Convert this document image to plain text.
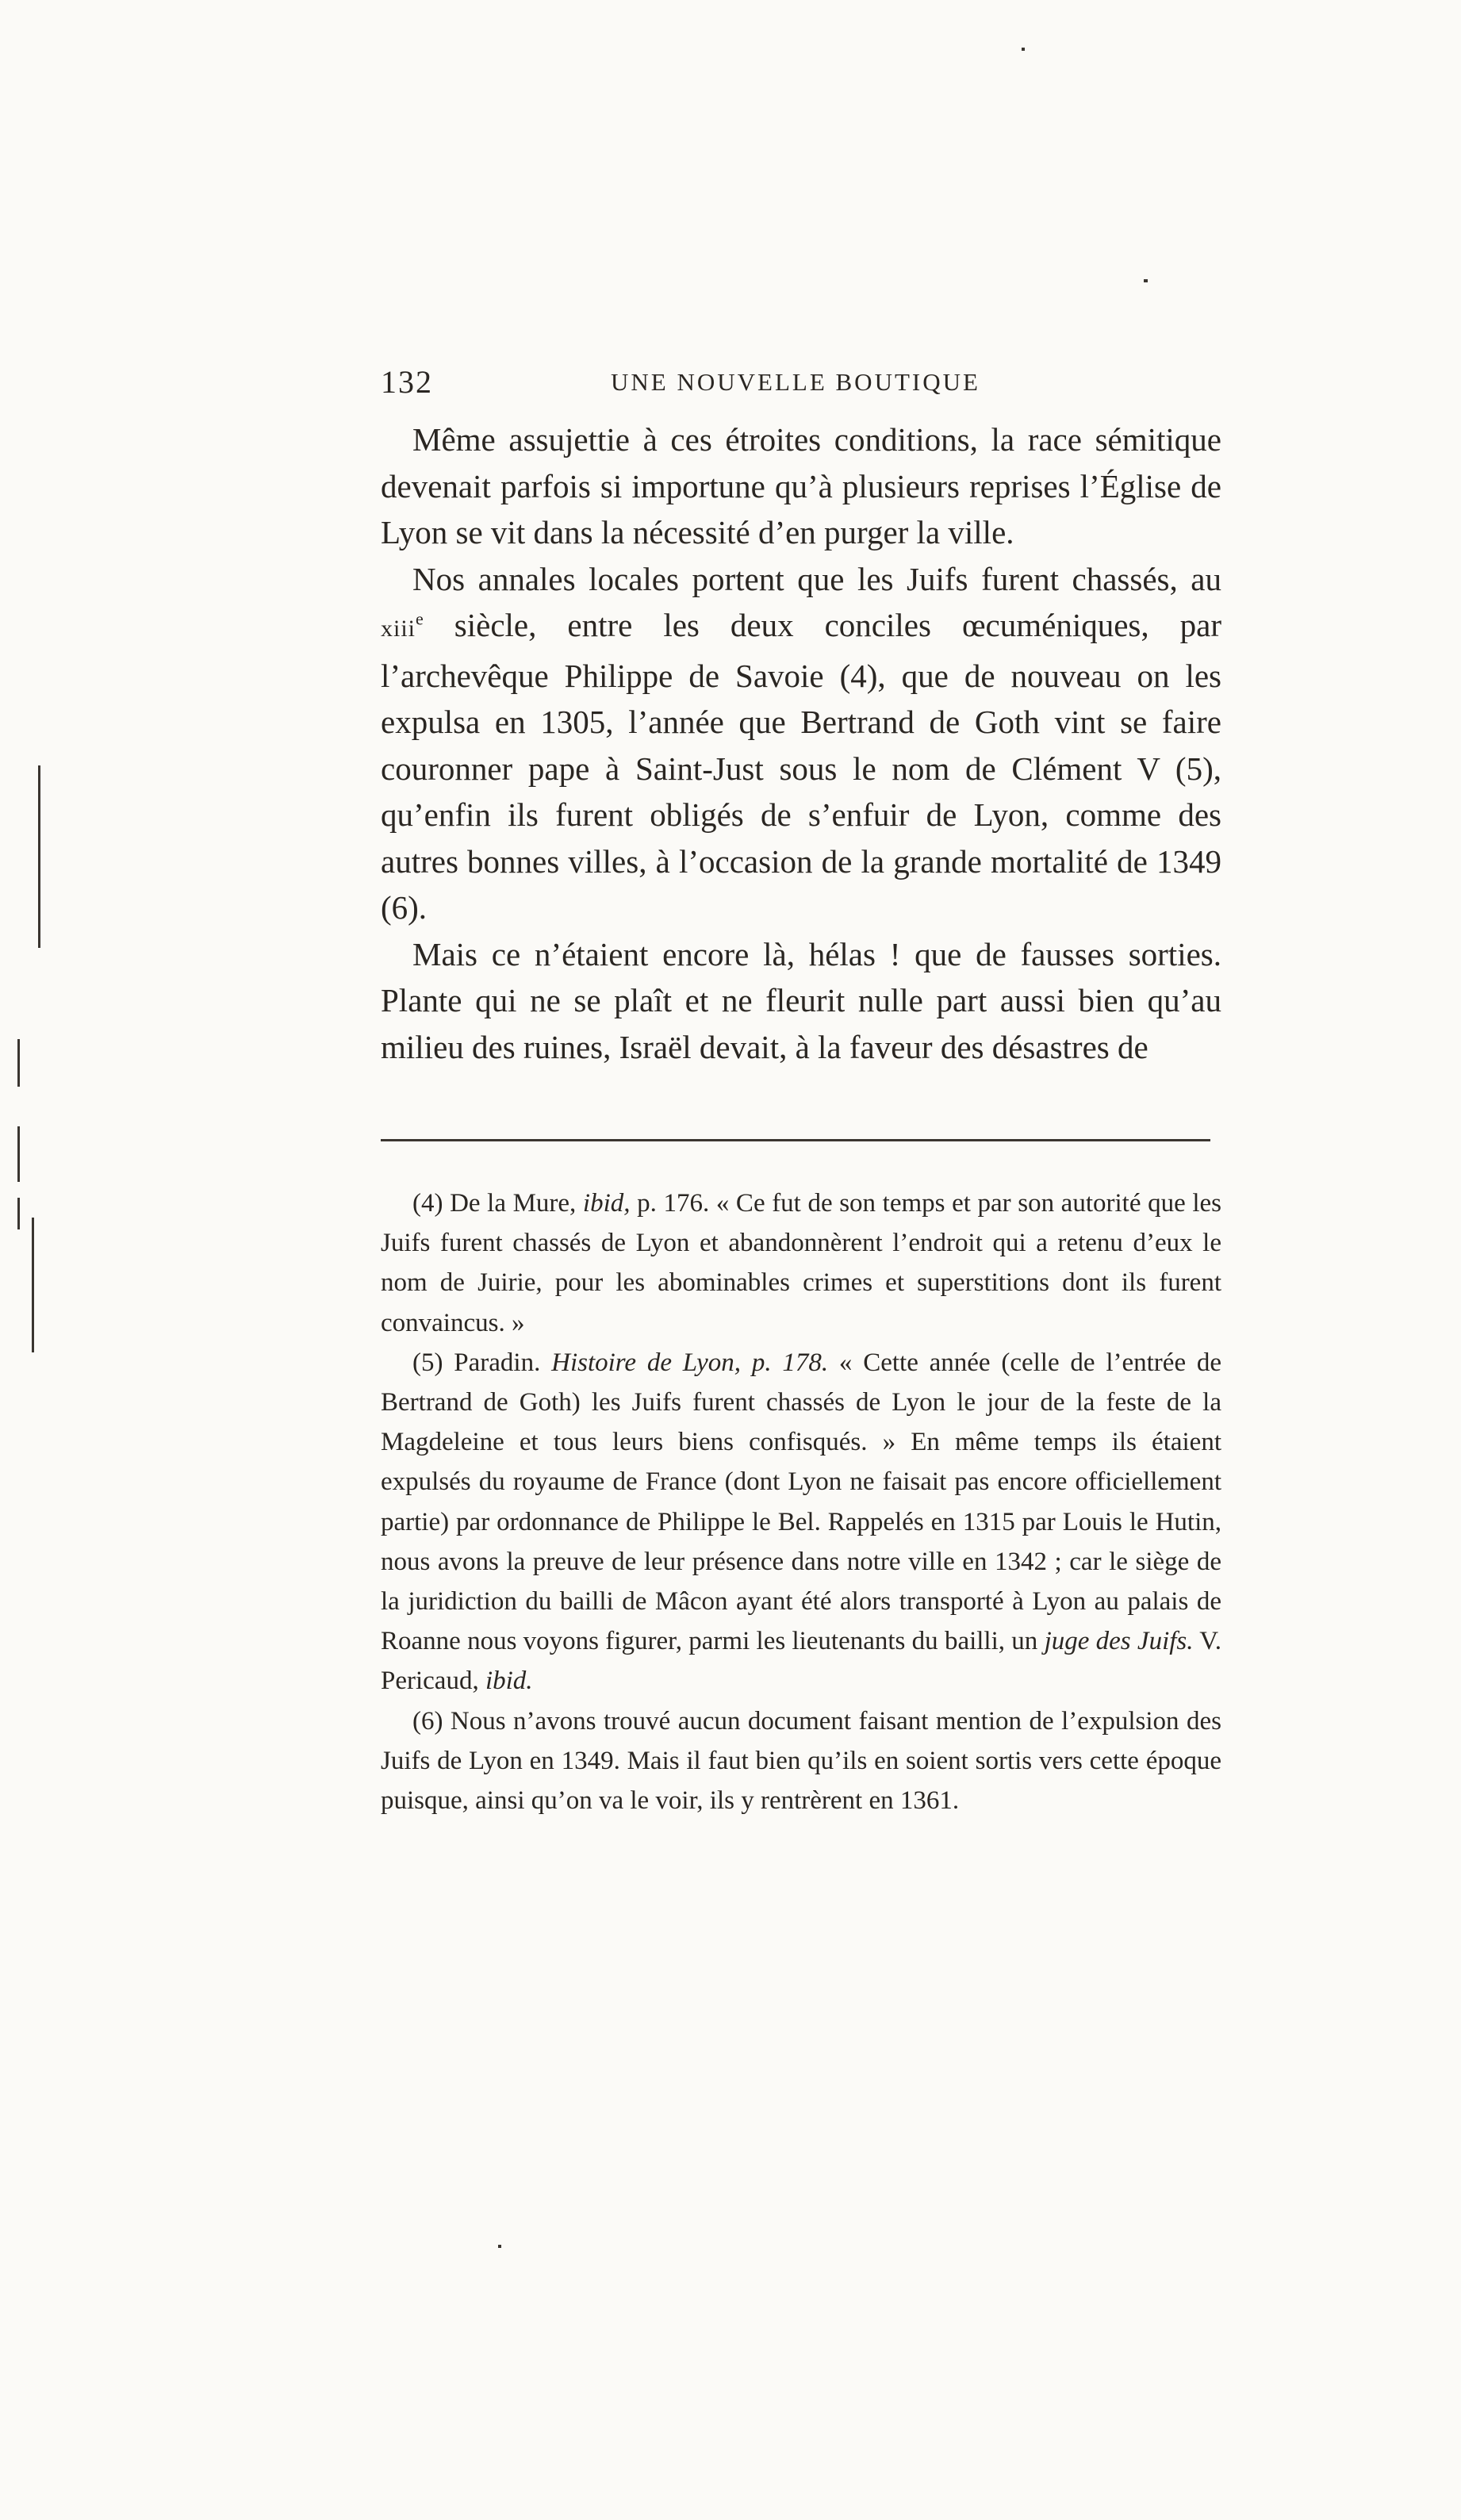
132	UNE NOUVELLE BOUTIQUE

Même assujettie à ces étroites conditions, la race sémitique devenait parfois si importune qu’à plusieurs reprises l’Église de Lyon se vit dans la nécessité d’en purger la ville.

Nos annales locales portent que les Juifs furent chassés, au xiii$^e$ siècle, entre les deux conciles œcuméniques, par l’archevêque Philippe de Savoie (4), que de nouveau on les expulsa en 1305, l’année que Bertrand de Goth vint se faire couronner pape à Saint-Just sous le nom de Clément V (5), qu’enfin ils furent obligés de s’enfuir de Lyon, comme des autres bonnes villes, à l’occasion de la grande mortalité de 1349 (6).

Mais ce n’étaient encore là, hélas ! que de fausses sorties. Plante qui ne se plaît et ne fleurit nulle part aussi bien qu’au milieu des ruines, Israël devait, à la faveur des désastres de

(4) De la Mure, ibid, p. 176. « Ce fut de son temps et par son autorité que les Juifs furent chassés de Lyon et abandonnèrent l’endroit qui a retenu d’eux le nom de Juirie, pour les abominables crimes et superstitions dont ils furent convaincus. »

(5) Paradin. Histoire de Lyon, p. 178. « Cette année (celle de l’entrée de Bertrand de Goth) les Juifs furent chassés de Lyon le jour de la feste de la Magdeleine et tous leurs biens confisqués. » En même temps ils étaient expulsés du royaume de France (dont Lyon ne faisait pas encore officiellement partie) par ordonnance de Philippe le Bel. Rappelés en 1315 par Louis le Hutin, nous avons la preuve de leur présence dans notre ville en 1342 ; car le siège de la juridiction du bailli de Mâcon ayant été alors transporté à Lyon au palais de Roanne nous voyons figurer, parmi les lieutenants du bailli, un juge des Juifs. V. Pericaud, ibid.

(6) Nous n’avons trouvé aucun document faisant mention de l’expulsion des Juifs de Lyon en 1349. Mais il faut bien qu’ils en soient sortis vers cette époque puisque, ainsi qu’on va le voir, ils y rentrèrent en 1361.
